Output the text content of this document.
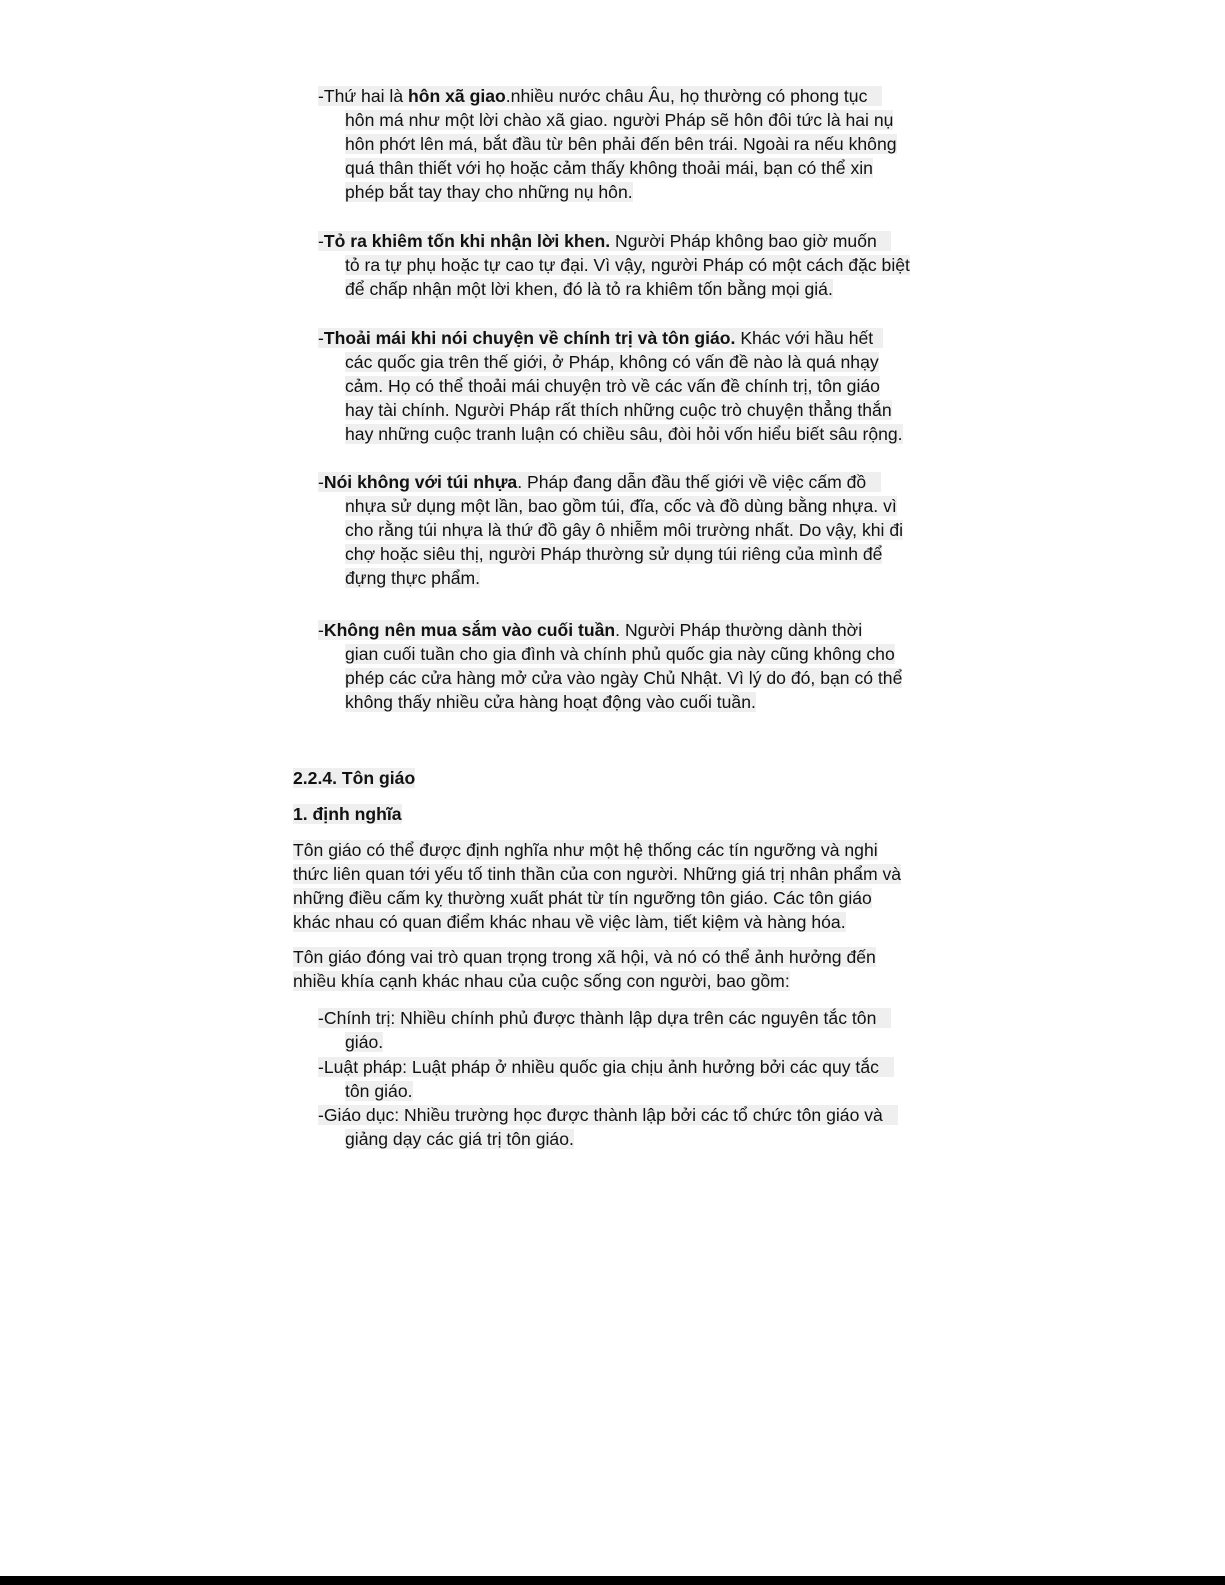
-Thứ hai là hôn xã giao.nhiều nước châu Âu, họ thường có phong tục
hôn má như một lời chào xã giao. người Pháp sẽ hôn đôi tức là hai nụ
hôn phớt lên má, bắt đầu từ bên phải đến bên trái. Ngoài ra nếu không
quá thân thiết với họ hoặc cảm thấy không thoải mái, bạn có thể xin
phép bắt tay thay cho những nụ hôn.
-Tỏ ra khiêm tốn khi nhận lời khen. Người Pháp không bao giờ muốn
tỏ ra tự phụ hoặc tự cao tự đại. Vì vậy, người Pháp có một cách đặc biệt
để chấp nhận một lời khen, đó là tỏ ra khiêm tốn bằng mọi giá.
-Thoải mái khi nói chuyện về chính trị và tôn giáo. Khác với hầu hết
các quốc gia trên thế giới, ở Pháp, không có vấn đề nào là quá nhạy
cảm. Họ có thể thoải mái chuyện trò về các vấn đề chính trị, tôn giáo
hay tài chính. Người Pháp rất thích những cuộc trò chuyện thẳng thắn
hay những cuộc tranh luận có chiều sâu, đòi hỏi vốn hiểu biết sâu rộng.
-Nói không với túi nhựa. Pháp đang dẫn đầu thế giới về việc cấm đồ
nhựa sử dụng một lần, bao gồm túi, đĩa, cốc và đồ dùng bằng nhựa. vì
cho rằng túi nhựa là thứ đồ gây ô nhiễm môi trường nhất. Do vậy, khi đi
chợ hoặc siêu thị, người Pháp thường sử dụng túi riêng của mình để
đựng thực phẩm.
-Không nên mua sắm vào cuối tuần. Người Pháp thường dành thời
gian cuối tuần cho gia đình và chính phủ quốc gia này cũng không cho
phép các cửa hàng mở cửa vào ngày Chủ Nhật. Vì lý do đó, bạn có thể
không thấy nhiều cửa hàng hoạt động vào cuối tuần.
2.2.4. Tôn giáo
1. định nghĩa
Tôn giáo có thể được định nghĩa như một hệ thống các tín ngưỡng và nghi
thức liên quan tới yếu tố tinh thần của con người. Những giá trị nhân phẩm và
những điều cấm kỵ thường xuất phát từ tín ngưỡng tôn giáo. Các tôn giáo
khác nhau có quan điểm khác nhau về việc làm, tiết kiệm và hàng hóa.
Tôn giáo đóng vai trò quan trọng trong xã hội, và nó có thể ảnh hưởng đến
nhiều khía cạnh khác nhau của cuộc sống con người, bao gồm:
-Chính trị: Nhiều chính phủ được thành lập dựa trên các nguyên tắc tôn
giáo.
-Luật pháp: Luật pháp ở nhiều quốc gia chịu ảnh hưởng bởi các quy tắc
tôn giáo.
-Giáo dục: Nhiều trường học được thành lập bởi các tổ chức tôn giáo và
giảng dạy các giá trị tôn giáo.
